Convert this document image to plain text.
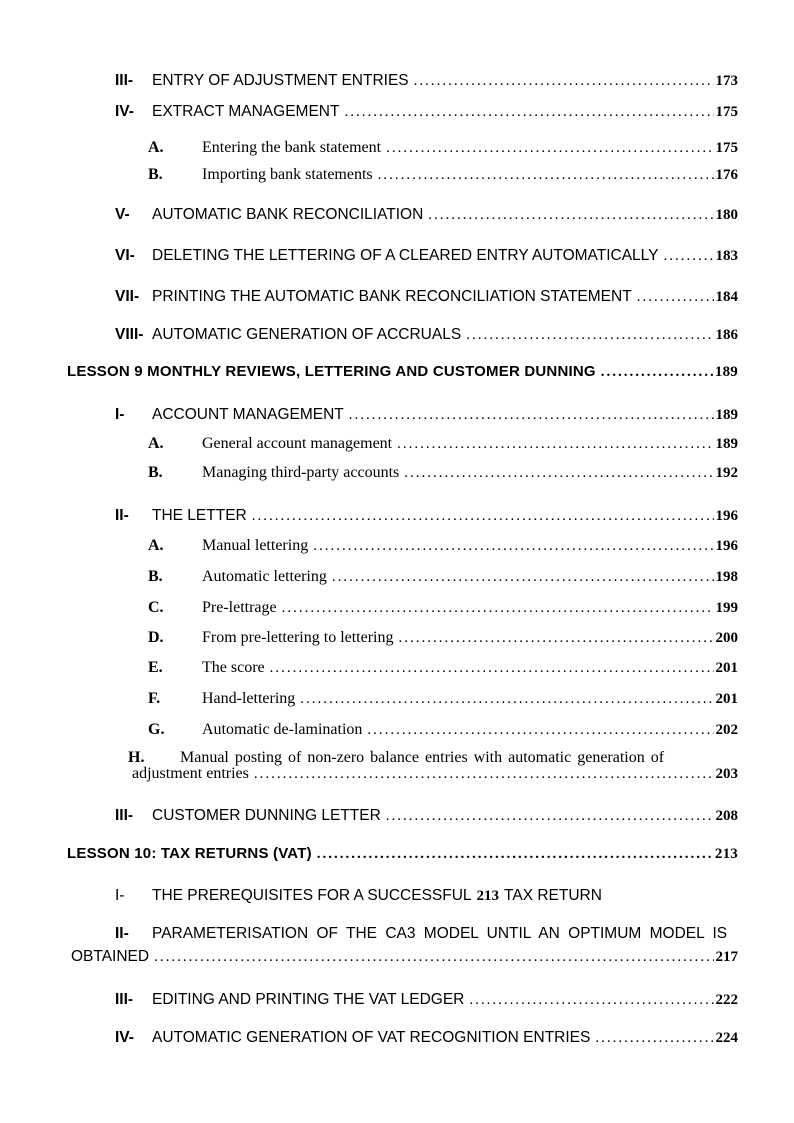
III-	ENTRY OF ADJUSTMENT ENTRIES .....	173
IV-	EXTRACT MANAGEMENT .....	175
A.	Entering the bank statement .....	175
B.	Importing bank statements .....	176
V-	AUTOMATIC BANK RECONCILIATION .....	180
VI-	DELETING THE LETTERING OF A CLEARED ENTRY AUTOMATICALLY .....	183
VII- PRINTING THE AUTOMATIC BANK RECONCILIATION STATEMENT .....	184
VIII- AUTOMATIC GENERATION OF ACCRUALS .....	186
LESSON 9 MONTHLY REVIEWS, LETTERING AND CUSTOMER DUNNING .....	189
I-	ACCOUNT MANAGEMENT .....	189
A.	General account management .....	189
B.	Managing third-party accounts .....	192
II-	THE LETTER .....	196
A.	Manual lettering .....	196
B.	Automatic lettering .....	198
C.	Pre-lettrage .....	199
D.	From pre-lettering to lettering .....	200
E.	The score .....	201
F.	Hand-lettering .....	201
G.	Automatic de-lamination .....	202
H.	Manual posting of non-zero balance entries with automatic generation of
adjustment entries .....	203
III-	CUSTOMER DUNNING LETTER .....	208
LESSON 10: TAX RETURNS (VAT) .....	213
I-	THE PREREQUISITES FOR A SUCCESSFUL 213 TAX RETURN
II-	PARAMETERISATION OF THE CA3 MODEL UNTIL AN OPTIMUM MODEL IS
OBTAINED .....	217
III-	EDITING AND PRINTING THE VAT LEDGER .....	222
IV-	AUTOMATIC GENERATION OF VAT RECOGNITION ENTRIES .....	224
